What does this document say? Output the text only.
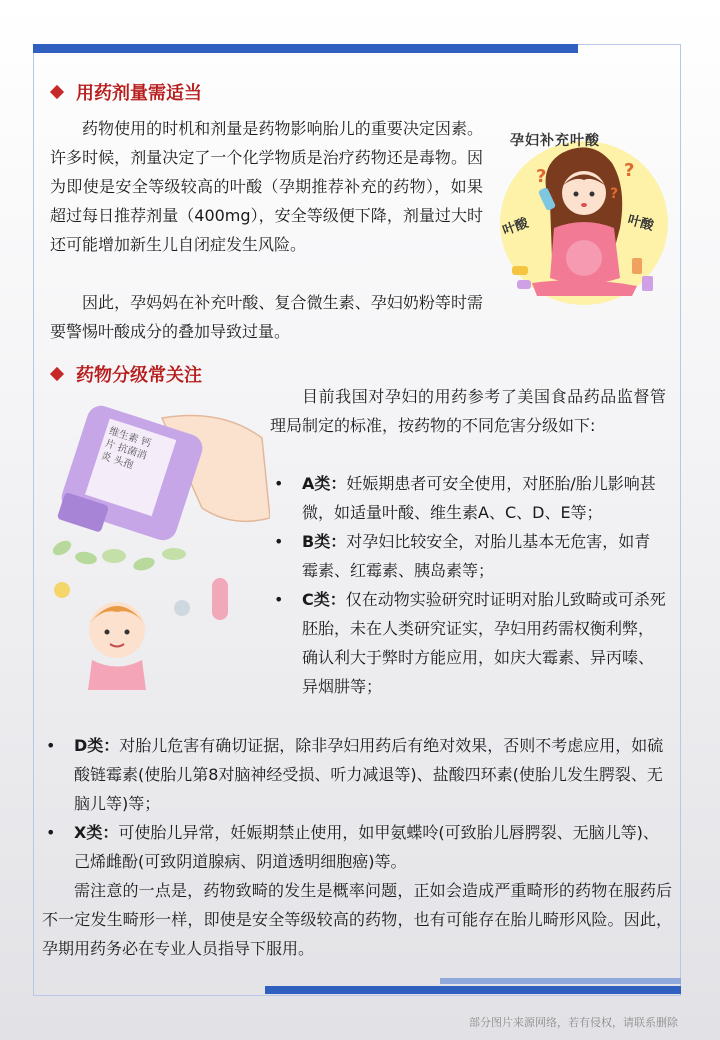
用药剂量需适当

药物使用的时机和剂量是药物影响胎儿的重要决定因素。许多时候，剂量决定了一个化学物质是治疗药物还是毒物。因为即使是安全等级较高的叶酸（孕期推荐补充的药物），如果超过每日推荐剂量（400mg），安全等级便下降，剂量过大时还可能增加新生儿自闭症发生风险。

因此，孕妈妈在补充叶酸、复合微生素、孕妇奶粉等时需要警惕叶酸成分的叠加导致过量。

孕妇补充叶酸
叶酸	叶酸
?	?
?
药物分级常关注
维生素 钙片 抗菌消炎 头孢

目前我国对孕妇的用药参考了美国食品药品监督管理局制定的标准，按药物的不同危害分级如下:

• A类：妊娠期患者可安全使用，对胚胎/胎儿影响甚微，如适量叶酸、维生素A、C、D、E等；
• B类：对孕妇比较安全，对胎儿基本无危害，如青霉素、红霉素、胰岛素等；
• C类：仅在动物实验研究时证明对胎儿致畸或可杀死胚胎，未在人类研究证实，孕妇用药需权衡利弊，确认利大于弊时方能应用，如庆大霉素、异丙嗪、异烟肼等；
• D类：对胎儿危害有确切证据，除非孕妇用药后有绝对效果，否则不考虑应用，如硫酸链霉素(使胎儿第8对脑神经受损、听力减退等)、盐酸四环素(使胎儿发生腭裂、无脑儿等)等；
• X类：可使胎儿异常，妊娠期禁止使用，如甲氨蝶呤(可致胎儿唇腭裂、无脑儿等)、己烯雌酚(可致阴道腺病、阴道透明细胞癌)等。

需注意的一点是，药物致畸的发生是概率问题，正如会造成严重畸形的药物在服药后不一定发生畸形一样，即使是安全等级较高的药物，也有可能存在胎儿畸形风险。因此，孕期用药务必在专业人员指导下服用。

部分图片来源网络，若有侵权，请联系删除
